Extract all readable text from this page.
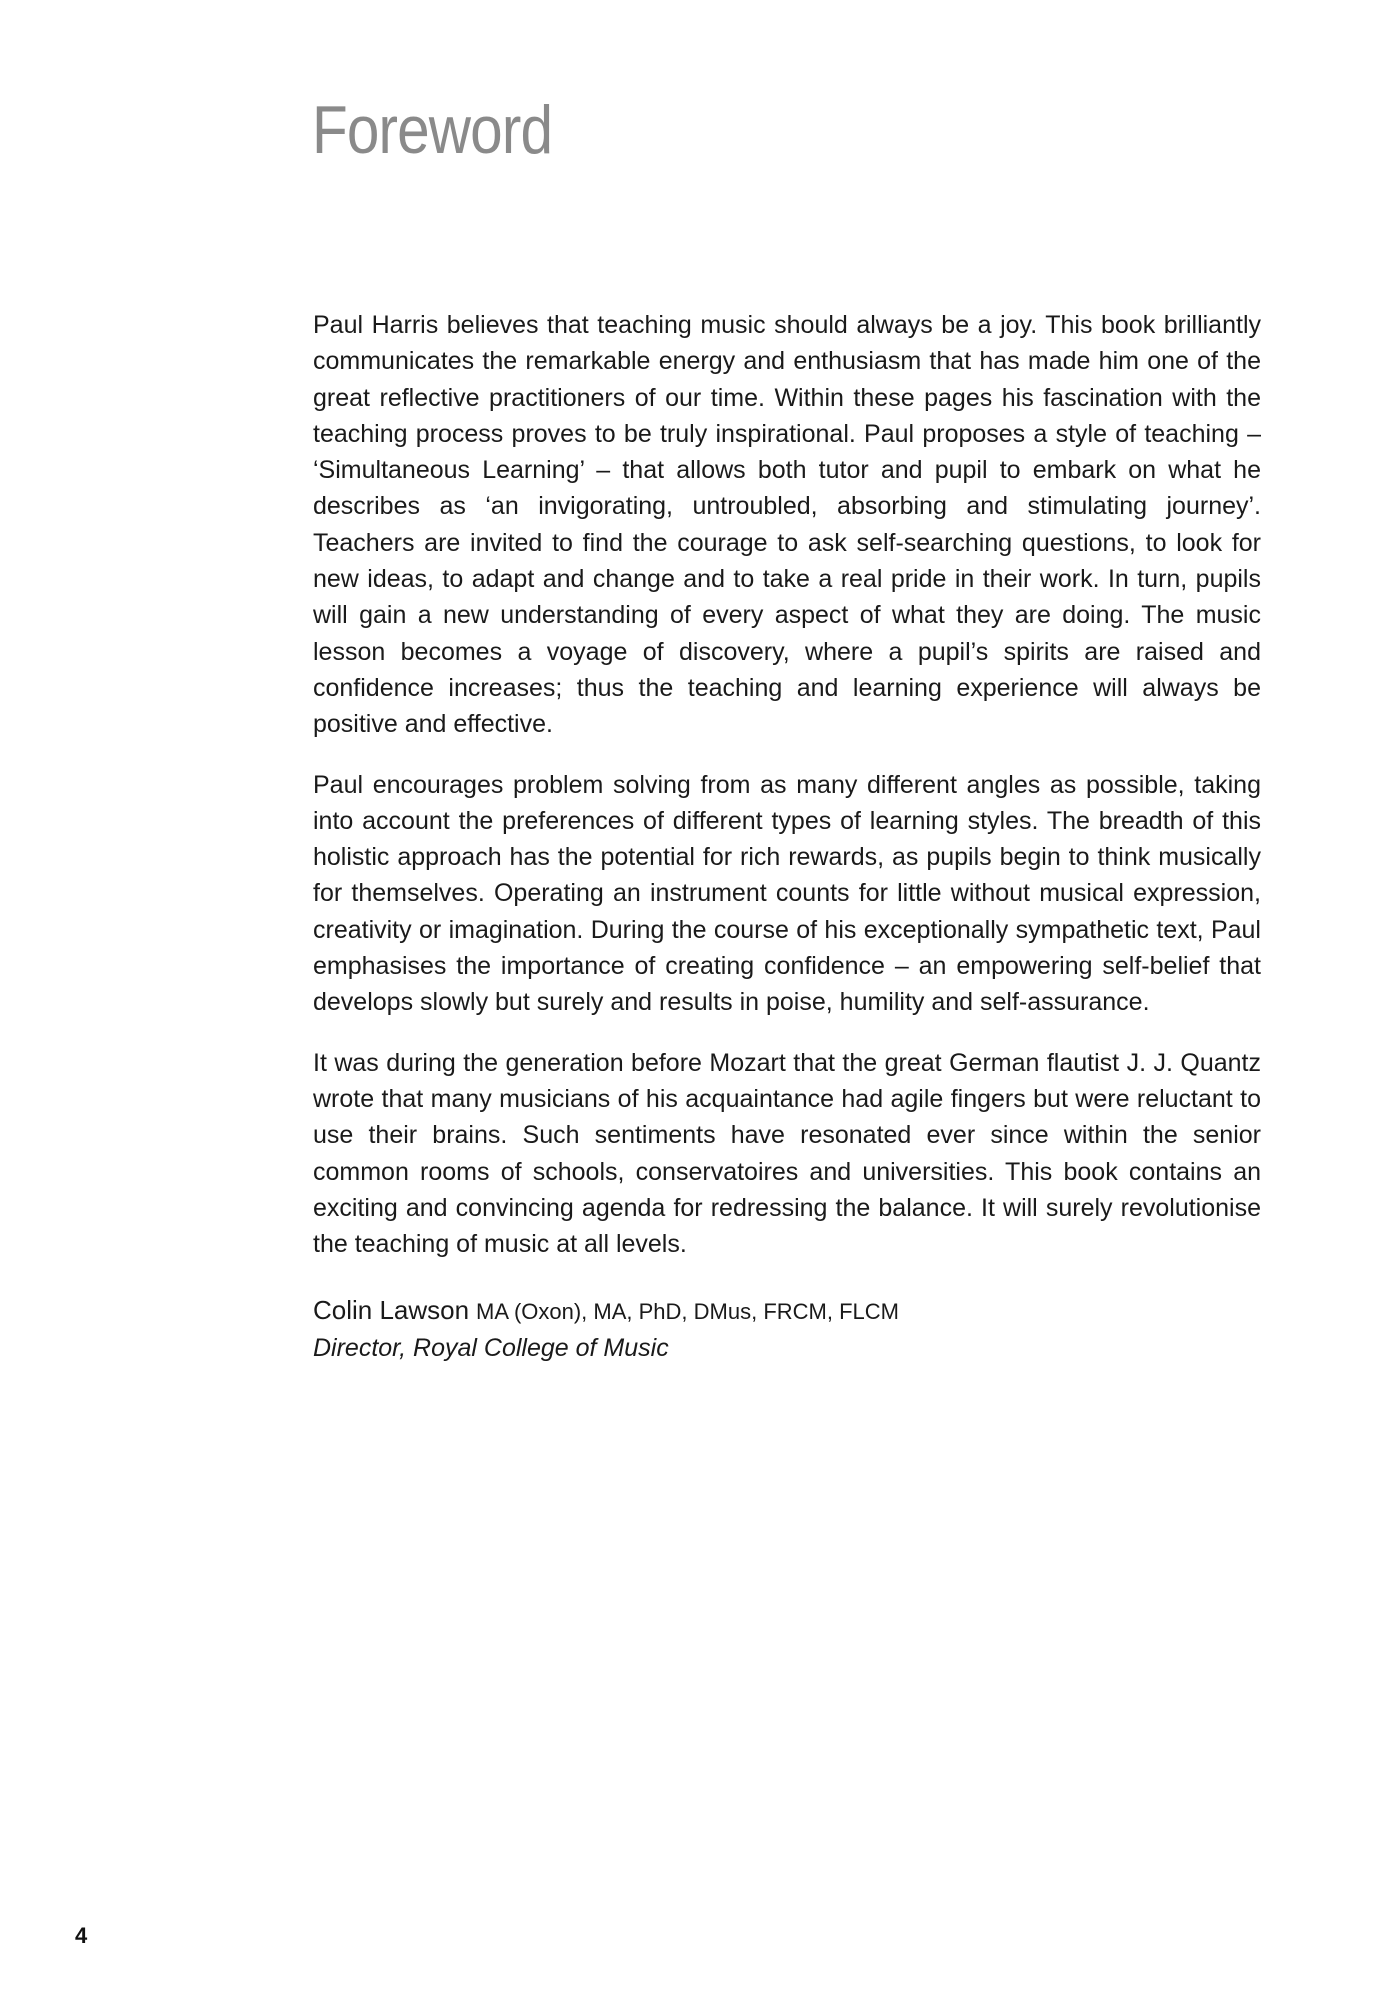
Foreword

Paul Harris believes that teaching music should always be a joy. This book brilliantly communicates the remarkable energy and enthusiasm that has made him one of the great reflective practitioners of our time. Within these pages his fascination with the teaching process proves to be truly inspirational. Paul proposes a style of teaching – ‘Simultaneous Learning’ – that allows both tutor and pupil to embark on what he describes as ‘an invigorating, untroubled, absorbing and stimulating journey’. Teachers are invited to find the courage to ask self-searching questions, to look for new ideas, to adapt and change and to take a real pride in their work. In turn, pupils will gain a new understanding of every aspect of what they are doing. The music lesson becomes a voyage of discovery, where a pupil’s spirits are raised and confidence increases; thus the teaching and learning experience will always be positive and effective.

Paul encourages problem solving from as many different angles as possible, taking into account the preferences of different types of learning styles. The breadth of this holistic approach has the potential for rich rewards, as pupils begin to think musically for themselves. Operating an instrument counts for little without musical expression, creativity or imagination. During the course of his exceptionally sympathetic text, Paul emphasises the importance of creating confidence – an empowering self-belief that develops slowly but surely and results in poise, humility and self-assurance.

It was during the generation before Mozart that the great German flautist J. J. Quantz wrote that many musicians of his acquaintance had agile fingers but were reluctant to use their brains. Such sentiments have resonated ever since within the senior common rooms of schools, conservatoires and universities. This book contains an exciting and convincing agenda for redressing the balance. It will surely revolutionise the teaching of music at all levels.

Colin Lawson MA (Oxon), MA, PhD, DMus, FRCM, FLCM
Director, Royal College of Music
4
